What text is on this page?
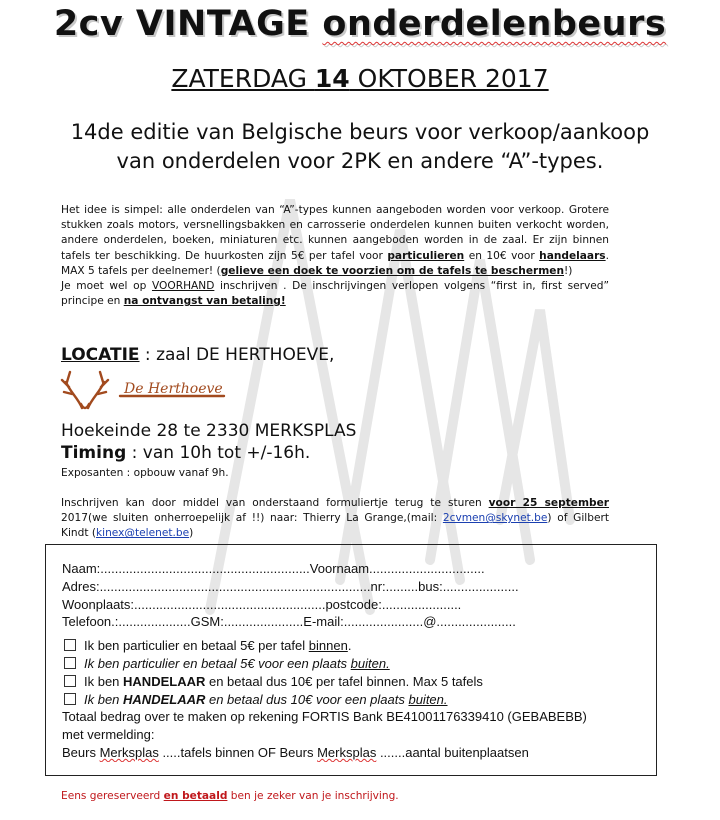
2cv VINTAGE onderdelenbeurs
ZATERDAG 14 OKTOBER 2017
14de editie van Belgische beurs voor verkoop/aankoop
van onderdelen voor 2PK en andere “A”-types.
Het idee is simpel: alle onderdelen van “A”-types kunnen aangeboden worden voor verkoop. Grotere stukken zoals motors, versnellingsbakken en carrosserie onderdelen kunnen buiten verkocht worden, andere onderdelen, boeken, miniaturen etc. kunnen aangeboden worden in de zaal. Er zijn binnen tafels ter beschikking. De huurkosten zijn 5€ per tafel voor particulieren en 10€ voor handelaars. MAX 5 tafels per deelnemer! (gelieve een doek te voorzien om de tafels te beschermen!)
Je moet wel op VOORHAND inschrijven . De inschrijvingen verlopen volgens “first in, first served” principe en na ontvangst van betaling!
LOCATIE : zaal DE HERTHOEVE,
De Herthoeve
Hoekeinde 28 te 2330 MERKSPLAS
Timing : van 10h tot +/-16h.
Exposanten : opbouw vanaf 9h.
Inschrijven kan door middel van onderstaand formuliertje terug te sturen voor 25 september 2017(we sluiten onherroepelijk af !!) naar: Thierry La Grange,(mail: 2cvmen@skynet.be) of Gilbert Kindt (kinex@telenet.be)
Naam:..........................................................Voornaam................................
Adres:...........................................................................nr:.........bus:.....................
Woonplaats:.....................................................postcode:......................
Telefoon.:....................GSM:......................E-mail:......................@......................
Ik ben particulier en betaal 5€ per tafel binnen.
Ik ben particulier en betaal 5€ voor een plaats buiten.
Ik ben HANDELAAR en betaal dus 10€ per tafel binnen. Max 5 tafels
Ik ben HANDELAAR en betaal dus 10€ voor een plaats buiten.
Totaal bedrag over te maken op rekening FORTIS Bank BE41001176339410 (GEBABEBB)
met vermelding:
Beurs Merksplas .....tafels binnen OF Beurs Merksplas .......aantal buitenplaatsen
Eens gereserveerd en betaald ben je zeker van je inschrijving.
